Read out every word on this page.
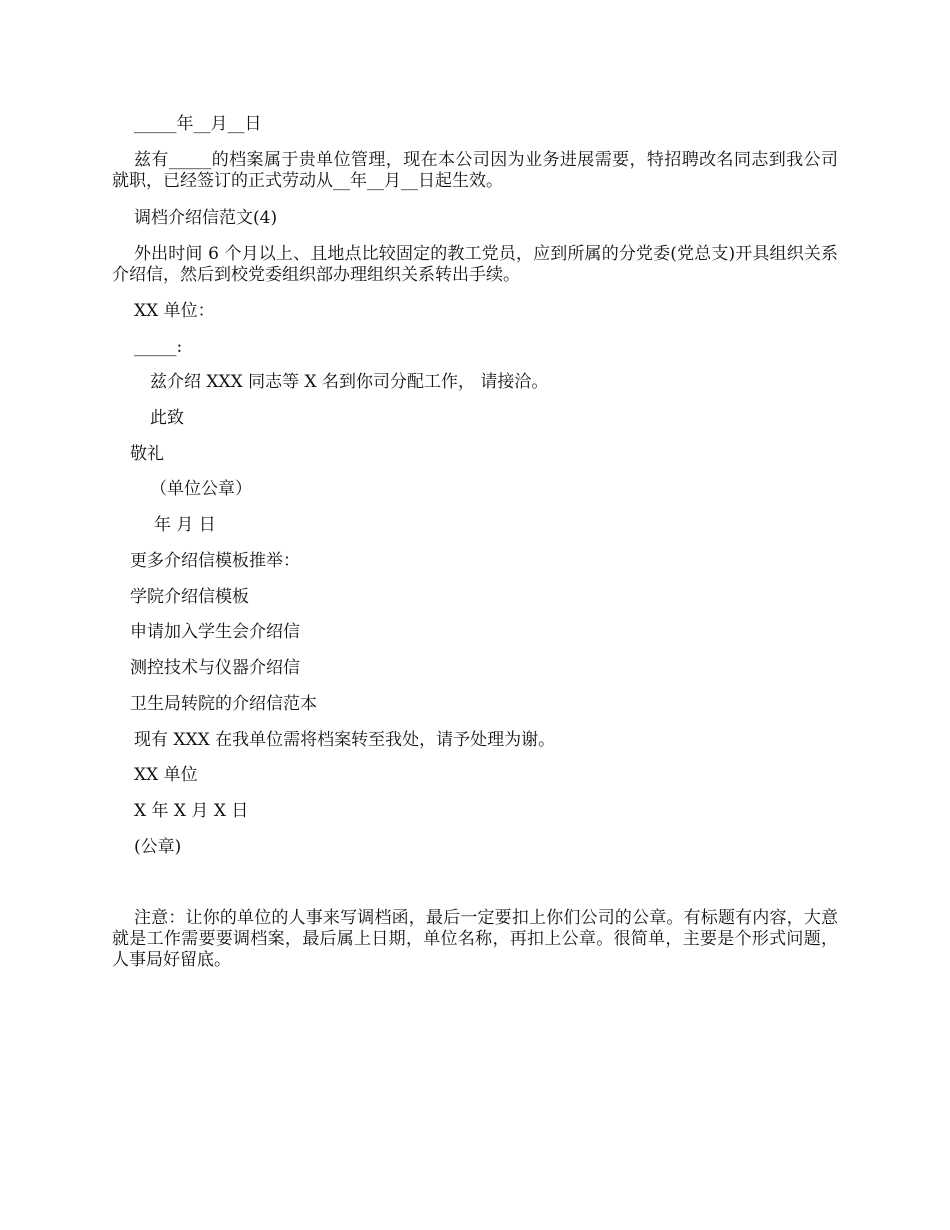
_____年__月__日
兹有_____的档案属于贵单位管理，现在本公司因为业务进展需要，特招聘改名同志到我公司就职，已经签订的正式劳动从__年__月__日起生效。
调档介绍信范文(4)
外出时间 6 个月以上、且地点比较固定的教工党员，应到所属的分党委(党总支)开具组织关系介绍信，然后到校党委组织部办理组织关系转出手续。
XX 单位：
_____:
兹介绍 XXX 同志等 X 名到你司分配工作， 请接洽。
此致
敬礼
（单位公章）
年 月 日
更多介绍信模板推举：
学院介绍信模板
申请加入学生会介绍信
测控技术与仪器介绍信
卫生局转院的介绍信范本
现有 XXX 在我单位需将档案转至我处，请予处理为谢。
XX 单位
X 年 X 月 X 日
(公章)
注意：让你的单位的人事来写调档函，最后一定要扣上你们公司的公章。有标题有内容，大意就是工作需要要调档案，最后属上日期，单位名称，再扣上公章。很简单，主要是个形式问题，人事局好留底。
